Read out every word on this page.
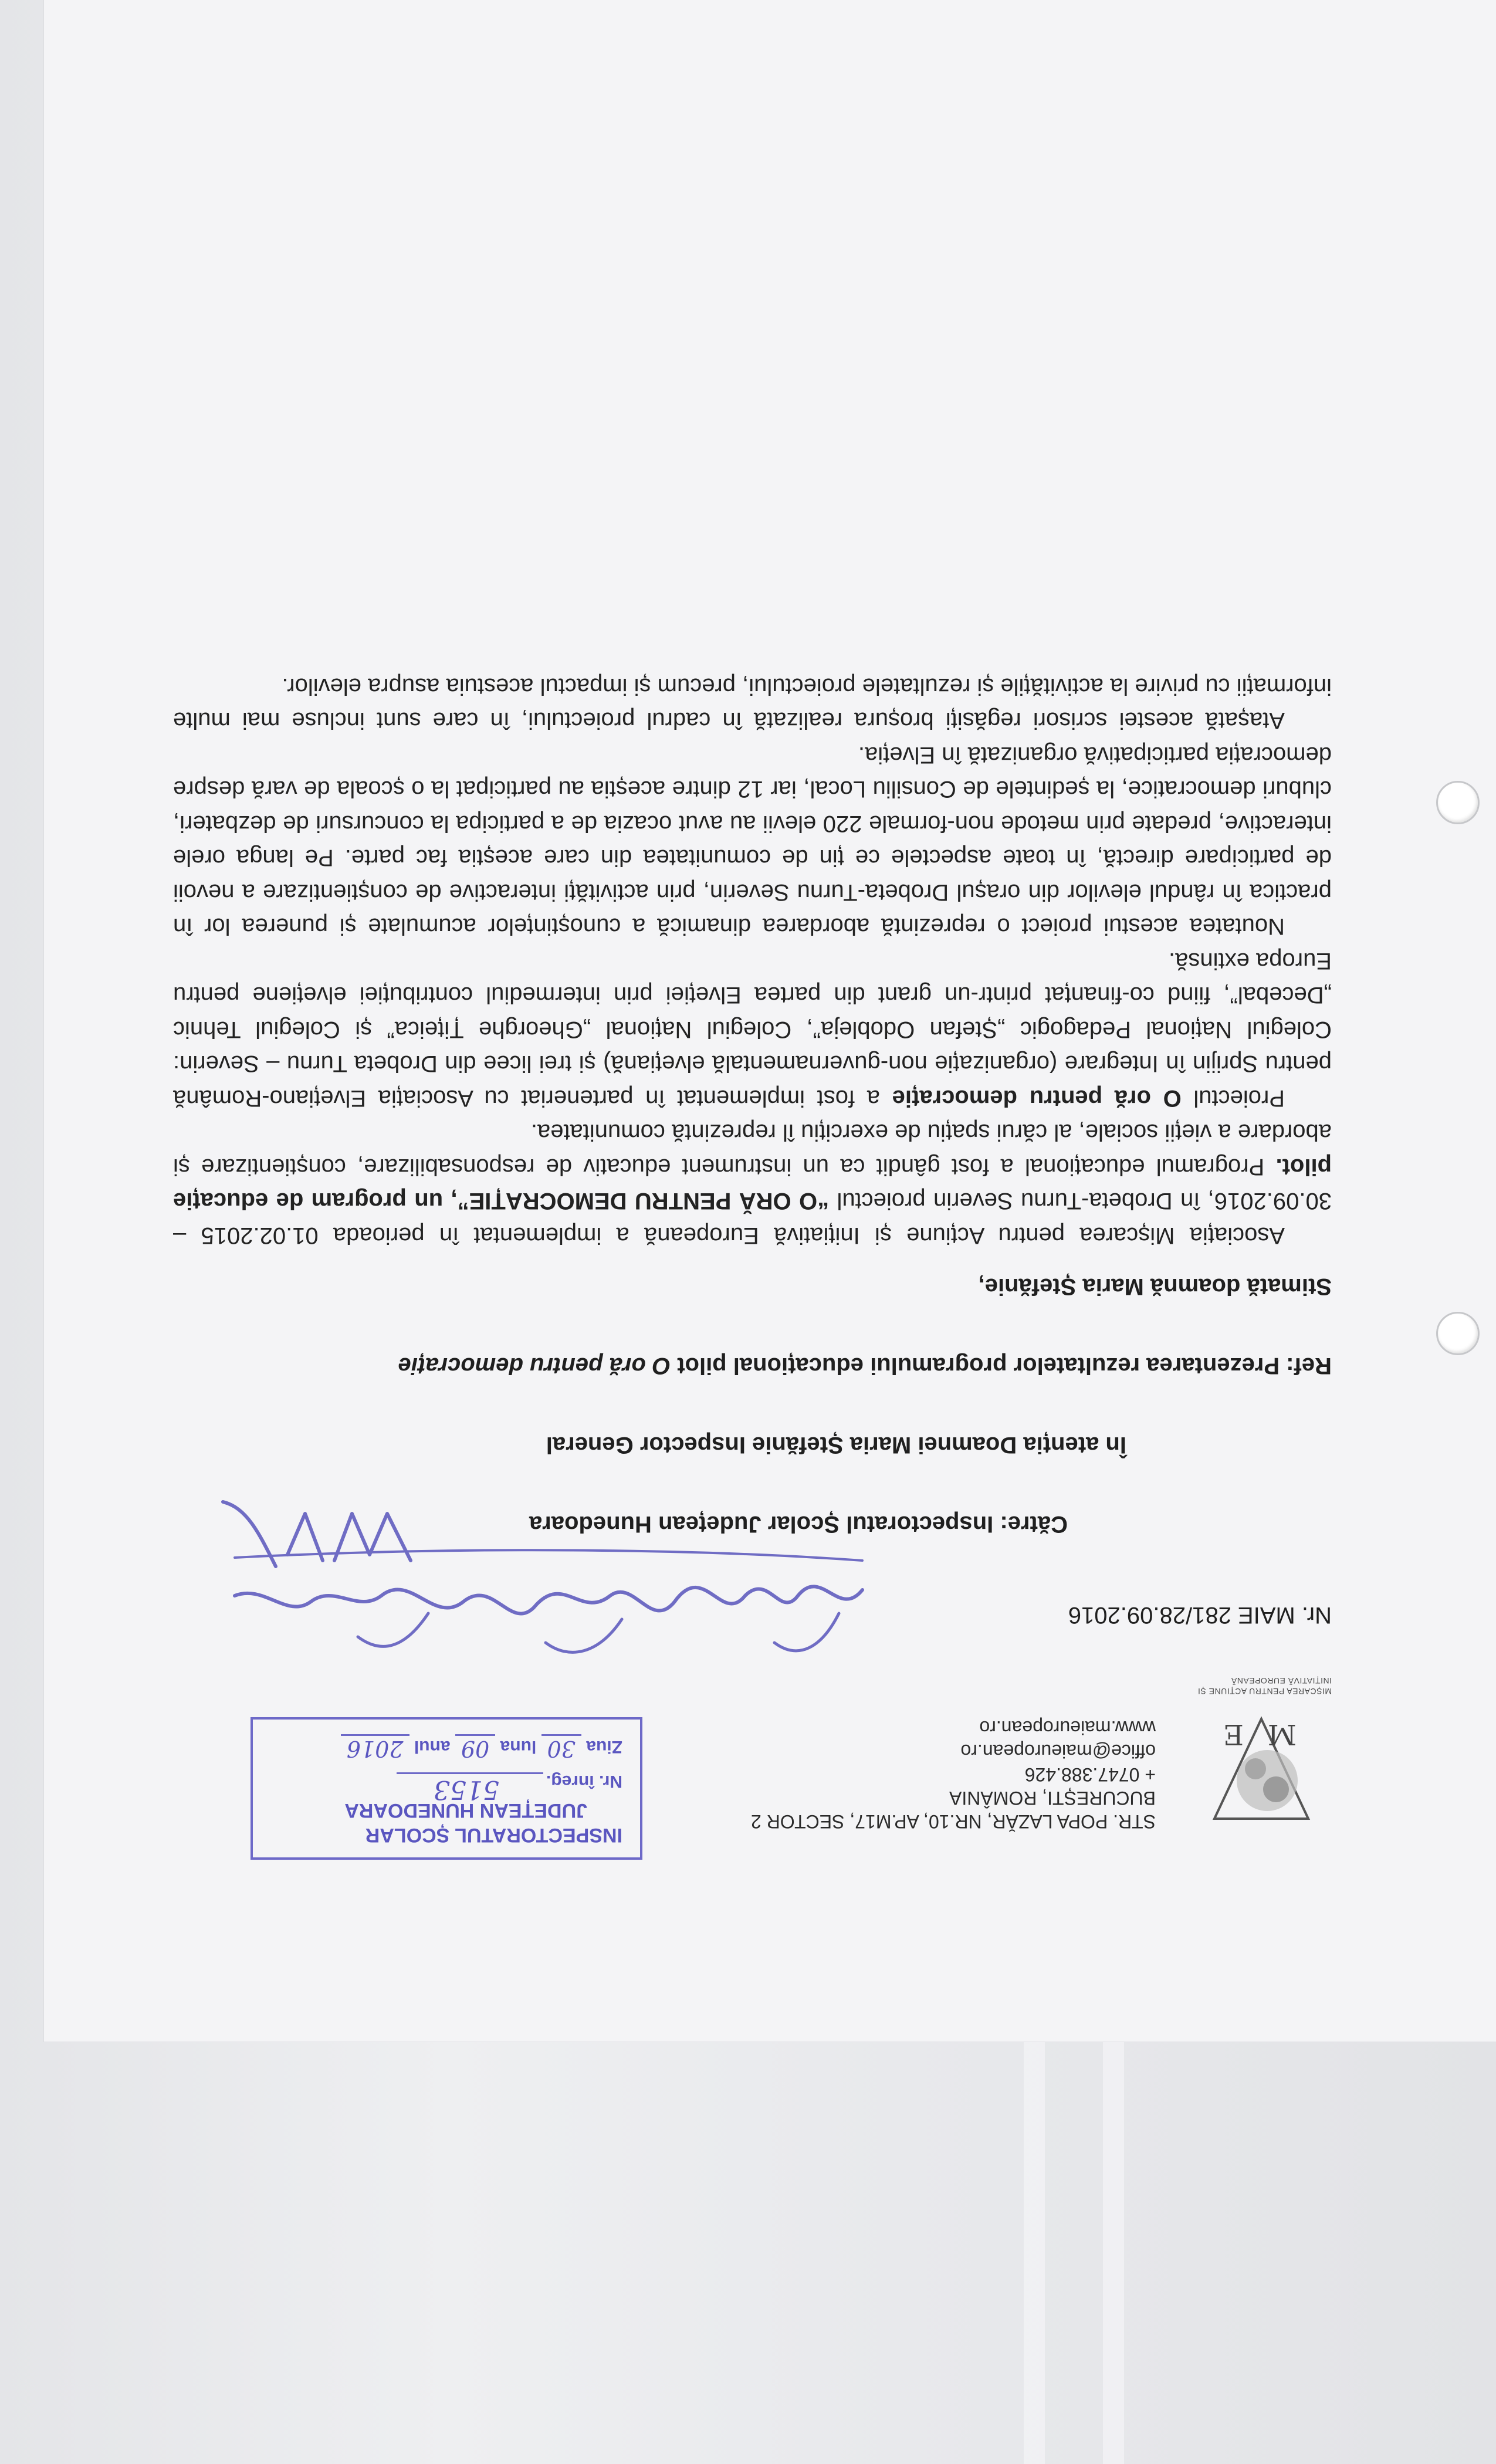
M
E
MIȘCAREA PENTRU ACȚIUNE ȘI INIȚIATIVĂ EUROPEANĂ
STR. POPA LAZĂR, NR.10, AP.M17, SECTOR 2
BUCUREȘTI, ROMÂNIA
+ 0747.388.426
office@maieuropean.ro
www.maieuropean.ro
INSPECTORATUL ȘCOLAR
JUDEȚEAN HUNEDOARA
Nr. înreg.
5153
Ziua 30 luna 09 anul 2016
Nr. MAIE 281/28.09.2016
Către: Inspectoratul Școlar Județean Hunedoara
În atenția Doamnei Maria Ștefănie Inspector General
Ref: Prezentarea rezultatelor programului educațional pilot O oră pentru democrație
Stimată doamnă Maria Ștefănie,

Asociația Mișcarea pentru Acțiune și Inițiativă Europeană a implementat în perioada 01.02.2015 – 30.09.2016, în Drobeta-Turnu Severin proiectul “O ORĂ PENTRU DEMOCRAȚIE”, un program de educație pilot. Programul educațional a fost gândit ca un instrument educativ de responsabilizare, conștientizare și abordare a vieții sociale, al cărui spațiu de exercițiu îl reprezintă comunitatea.

Proiectul O oră pentru democrație a fost implementat în parteneriat cu Asociația Elvețiano-Română pentru Sprijin în Integrare (organizație non-guvernamentală elvețiană) și trei licee din Drobeta Turnu – Severin: Colegiul Național Pedagogic „Ștefan Odobleja”, Colegiul Național „Gheorghe Țițeica” și Colegiul Tehnic „Decebal”, fiind co-finanțat printr-un grant din partea Elveției prin intermediul contribuției elvețiene pentru Europa extinsă.

Noutatea acestui proiect o reprezintă abordarea dinamică a cunoștințelor acumulate și punerea lor în practica în rândul elevilor din orașul Drobeta-Turnu Severin, prin activități interactive de conștientizare a nevoii de participare directă, în toate aspectele ce țin de comunitatea din care aceștia fac parte. Pe langa orele interactive, predate prin metode non-formale 220 elevii au avut ocazia de a participa la concursuri de dezbateri, cluburi democratice, la ședintele de Consiliu Local, iar 12 dintre aceștia au participat la o școala de vară despre democrația participativă organizată în Elveția.

Atașată acestei scrisori regăsiți broșura realizată în cadrul proiectului, în care sunt incluse mai multe informații cu privire la activitățile și rezultatele proiectului, precum și impactul acestuia asupra elevilor.
